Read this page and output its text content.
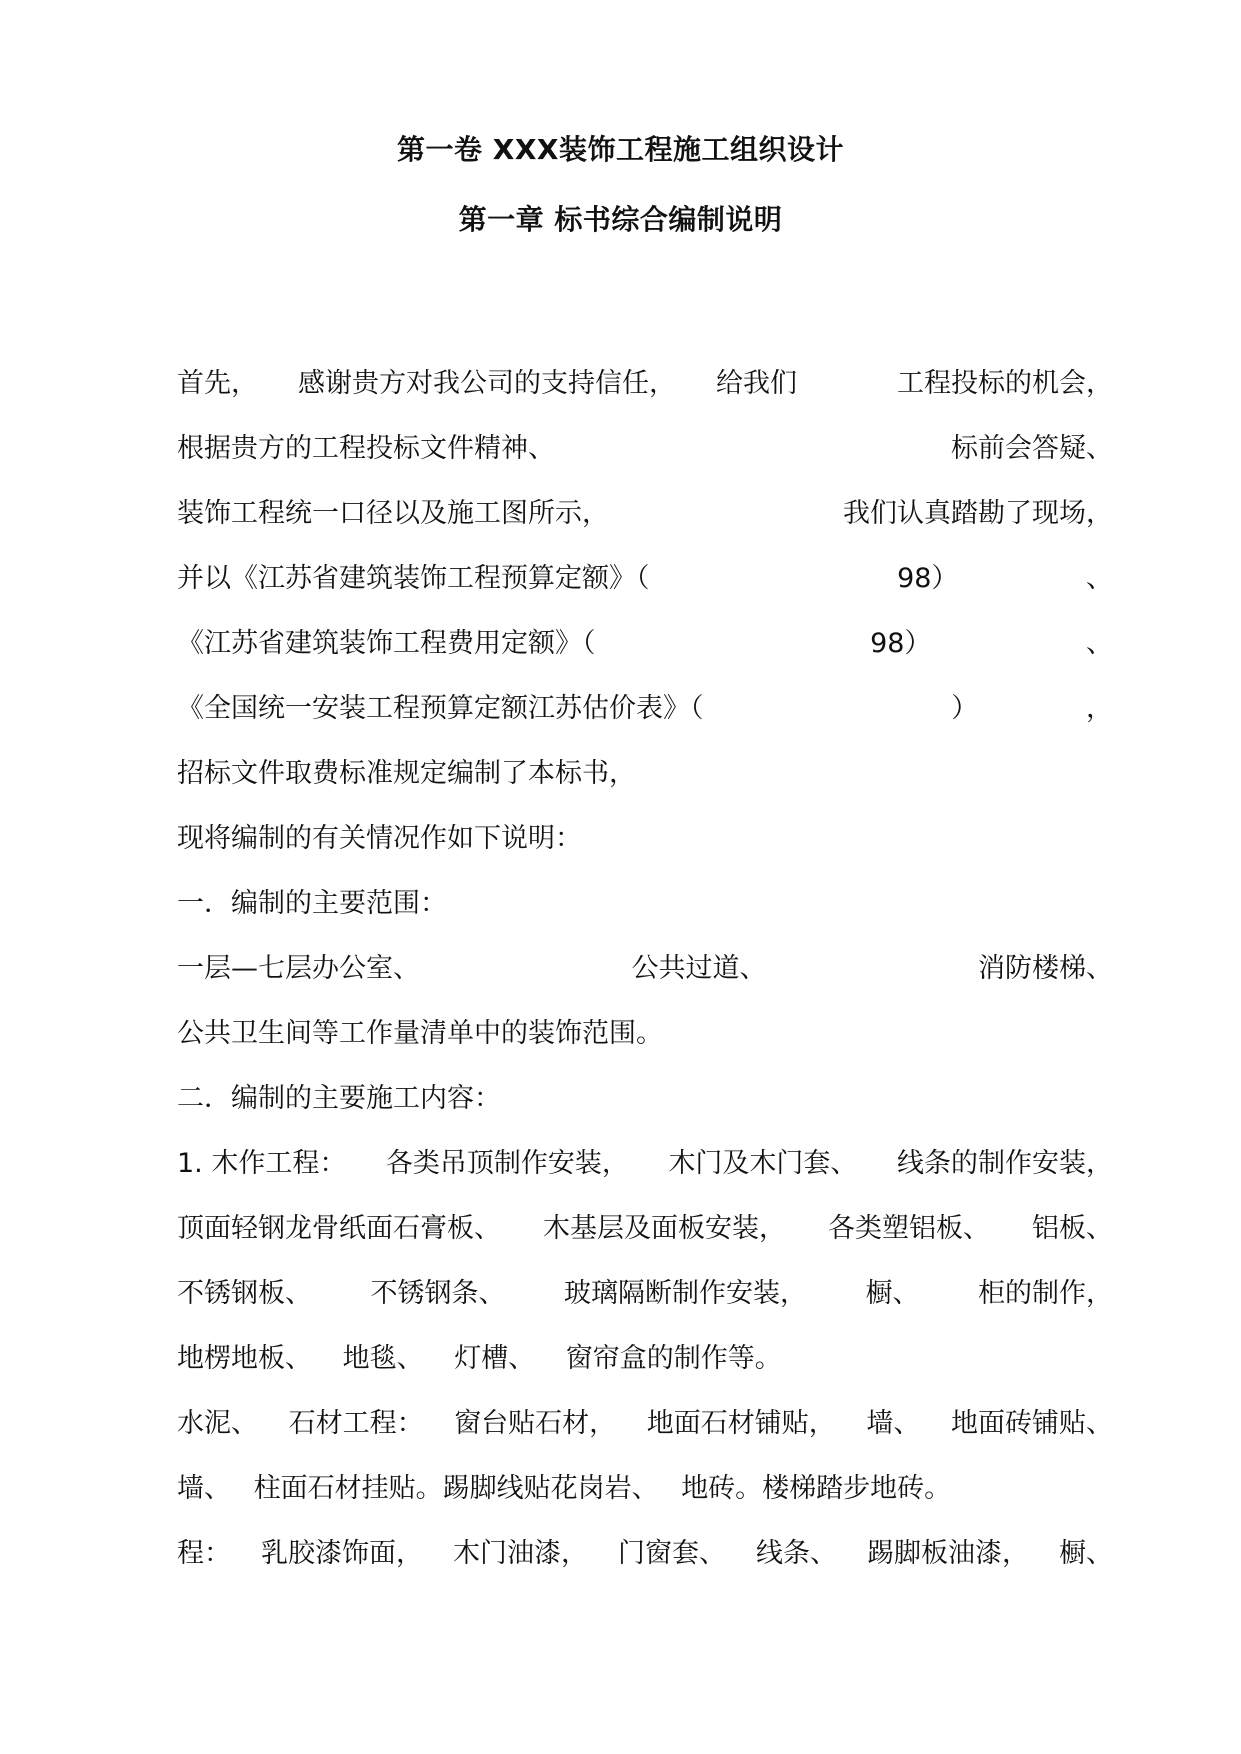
第一卷 XXX装饰工程施工组织设计
第一章 标书综合编制说明
首先， 感谢贵方对我公司的支持信任， 给我们	工程投标的机会，
根据贵方的工程投标文件精神、	标前会答疑、
装饰工程统一口径以及施工图所示，	我们认真踏勘了现场，
并以《江苏省建筑装饰工程预算定额》（	98）	、
《江苏省建筑装饰工程费用定额》（	98）	、
《全国统一安装工程预算定额江苏估价表》（	）	，
招标文件取费标准规定编制了本标书，
现将编制的有关情况作如下说明：
一．编制的主要范围：
一层—七层办公室、	公共过道、	消防楼梯、
公共卫生间等工作量清单中的装饰范围。
二．编制的主要施工内容：
1. 木作工程： 各类吊顶制作安装， 木门及木门套、 线条的制作安装，
顶面轻钢龙骨纸面石膏板、 木基层及面板安装， 各类塑铝板、 铝板、
不锈钢板、 不锈钢条、 玻璃隔断制作安装， 橱、 柜的制作，
地楞地板、 地毯、 灯槽、 窗帘盒的制作等。
水泥、 石材工程： 窗台贴石材， 地面石材铺贴， 墙、 地面砖铺贴、
墙、 柱面石材挂贴。踢脚线贴花岗岩、 地砖。楼梯踏步地砖。
程： 乳胶漆饰面， 木门油漆， 门窗套、 线条、 踢脚板油漆， 橱、
